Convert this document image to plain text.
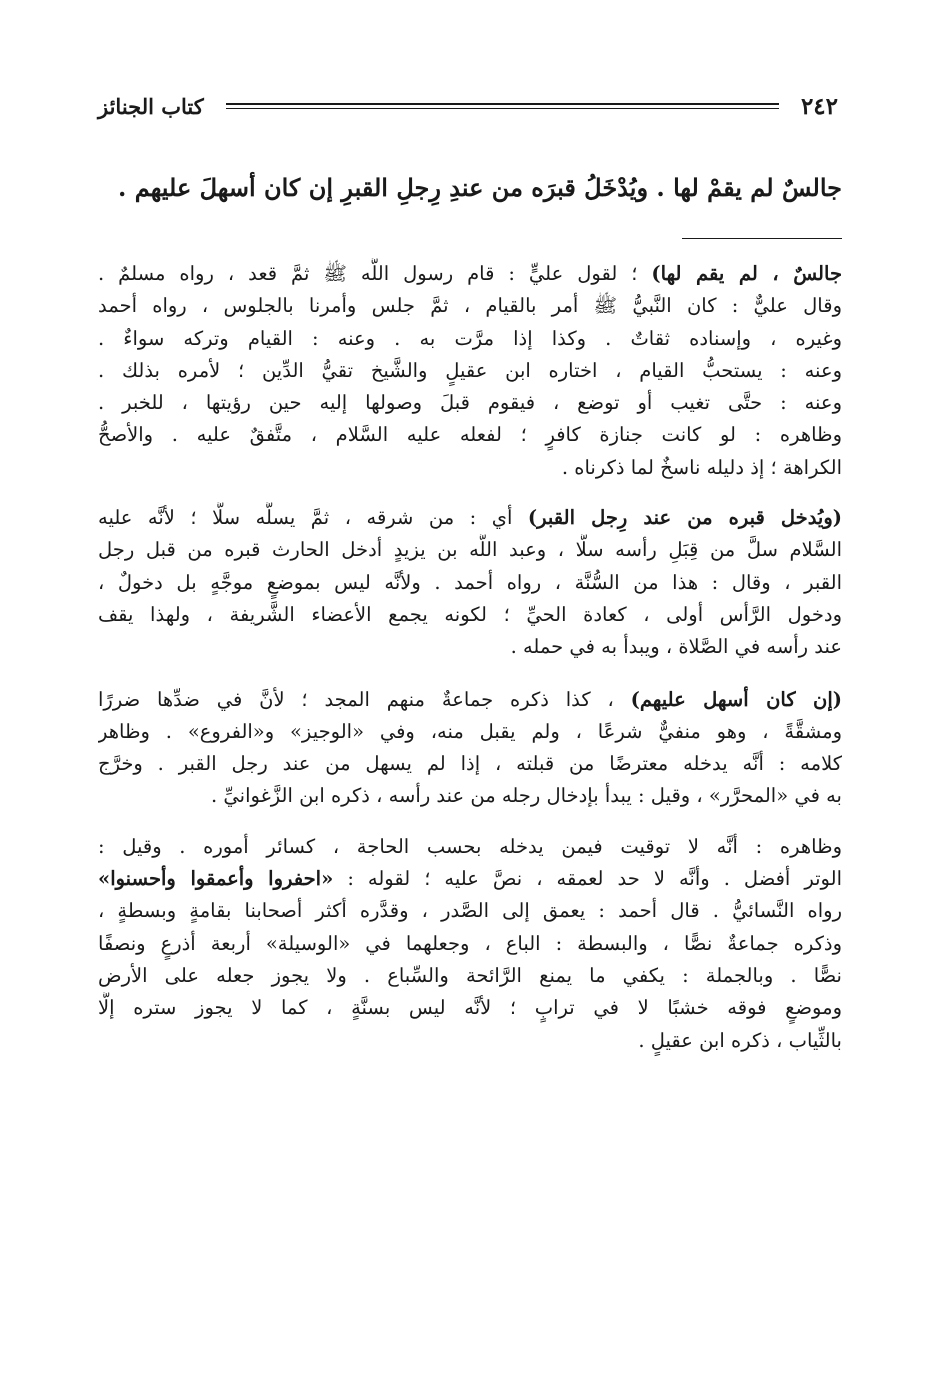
كتاب الجنائز	٢٤٢
جالسٌ لم يقمْ لها . ويُدْخَلُ قبرَه من عندِ رِجلِ القبرِ إن كان أسهلَ عليهم .
جالسٌ ، لم يقم لها) ؛ لقول عليٍّ : قام رسول اللَّه ﷺ ثمَّ قعد ، رواه مسلمٌ .
وقال عليٌّ : كان النَّبيُّ ﷺ أمر بالقيام ، ثمَّ جلس وأمرنا بالجلوس ، رواه أحمد
وغيره ، وإسناده ثقاتٌ . وكذا إذا مرَّت به . وعنه : القيام وتركه سواءٌ .
وعنه : يستحبُّ القيام ، اختاره ابن عقيلٍ والشَّيخ تقيُّ الدِّين ؛ لأمره بذلك .
وعنه : حتَّى تغيب أو توضع ، فيقوم قبلَ وصولها إليه حين رؤيتها ، للخبر .
وظاهره : لو كانت جنازة كافرٍ ؛ لفعله عليه السَّلام ، متَّفقٌ عليه . والأصحُّ
الكراهة ؛ إذ دليله ناسخٌ لما ذكرناه .
(ويُدخل قبره من عند رِجل القبر) أي : من شرقه ، ثمَّ يسلُّه سلًّا ؛ لأنَّه عليه
السَّلام سلَّ من قِبَلِ رأسه سلًّا ، وعبد اللَّه بن يزيدٍ أدخل الحارث قبره من قبل رجل
القبر ، وقال : هذا من السُّنَّة ، رواه أحمد . ولأنَّه ليس بموضعٍ موجَّهٍ بل دخولٌ ،
ودخول الرَّأس أولى ، كعادة الحيِّ ؛ لكونه يجمع الأعضاء الشَّريفة ، ولهذا يقف
عند رأسه في الصَّلاة ، ويبدأ به في حمله .
(إن كان أسهل عليهم) ، كذا ذكره جماعةٌ منهم المجد ؛ لأنَّ في ضدِّها ضررًا
ومشقَّةً ، وهو منفيٌّ شرعًا ، ولم يقبل منه، وفي «الوجيز» و«الفروع» . وظاهر
كلامه : أنَّه يدخله معترضًا من قبلته ، إذا لم يسهل من عند رجل القبر . وخرَّج
به في «المحرَّر» ، وقيل : يبدأ بإدخال رجله من عند رأسه ، ذكره ابن الزَّغوانيِّ .
وظاهره : أنَّه لا توقيت فيمن يدخله بحسب الحاجة ، كسائر أموره . وقيل :
الوتر أفضل . وأنَّه لا حد لعمقه ، نصَّ عليه ؛ لقوله : «احفروا وأعمقوا وأحسنوا»
رواه النَّسائيُّ . قال أحمد : يعمق إلى الصَّدر ، وقدَّره أكثر أصحابنا بقامةٍ وبسطةٍ ،
وذكره جماعةٌ نصًّا ، والبسطة : الباع ، وجعلهما في «الوسيلة» أربعة أذرعٍ ونصفًا
نصًّا . وبالجملة : يكفي ما يمنع الرَّائحة والسِّباع . ولا يجوز جعله على الأرض
وموضعٍ فوقه خشبًا لا في ترابٍ ؛ لأنَّه ليس بسنَّةٍ ، كما لا يجوز ستره إلَّا
بالثِّياب ، ذكره ابن عقيلٍ .
